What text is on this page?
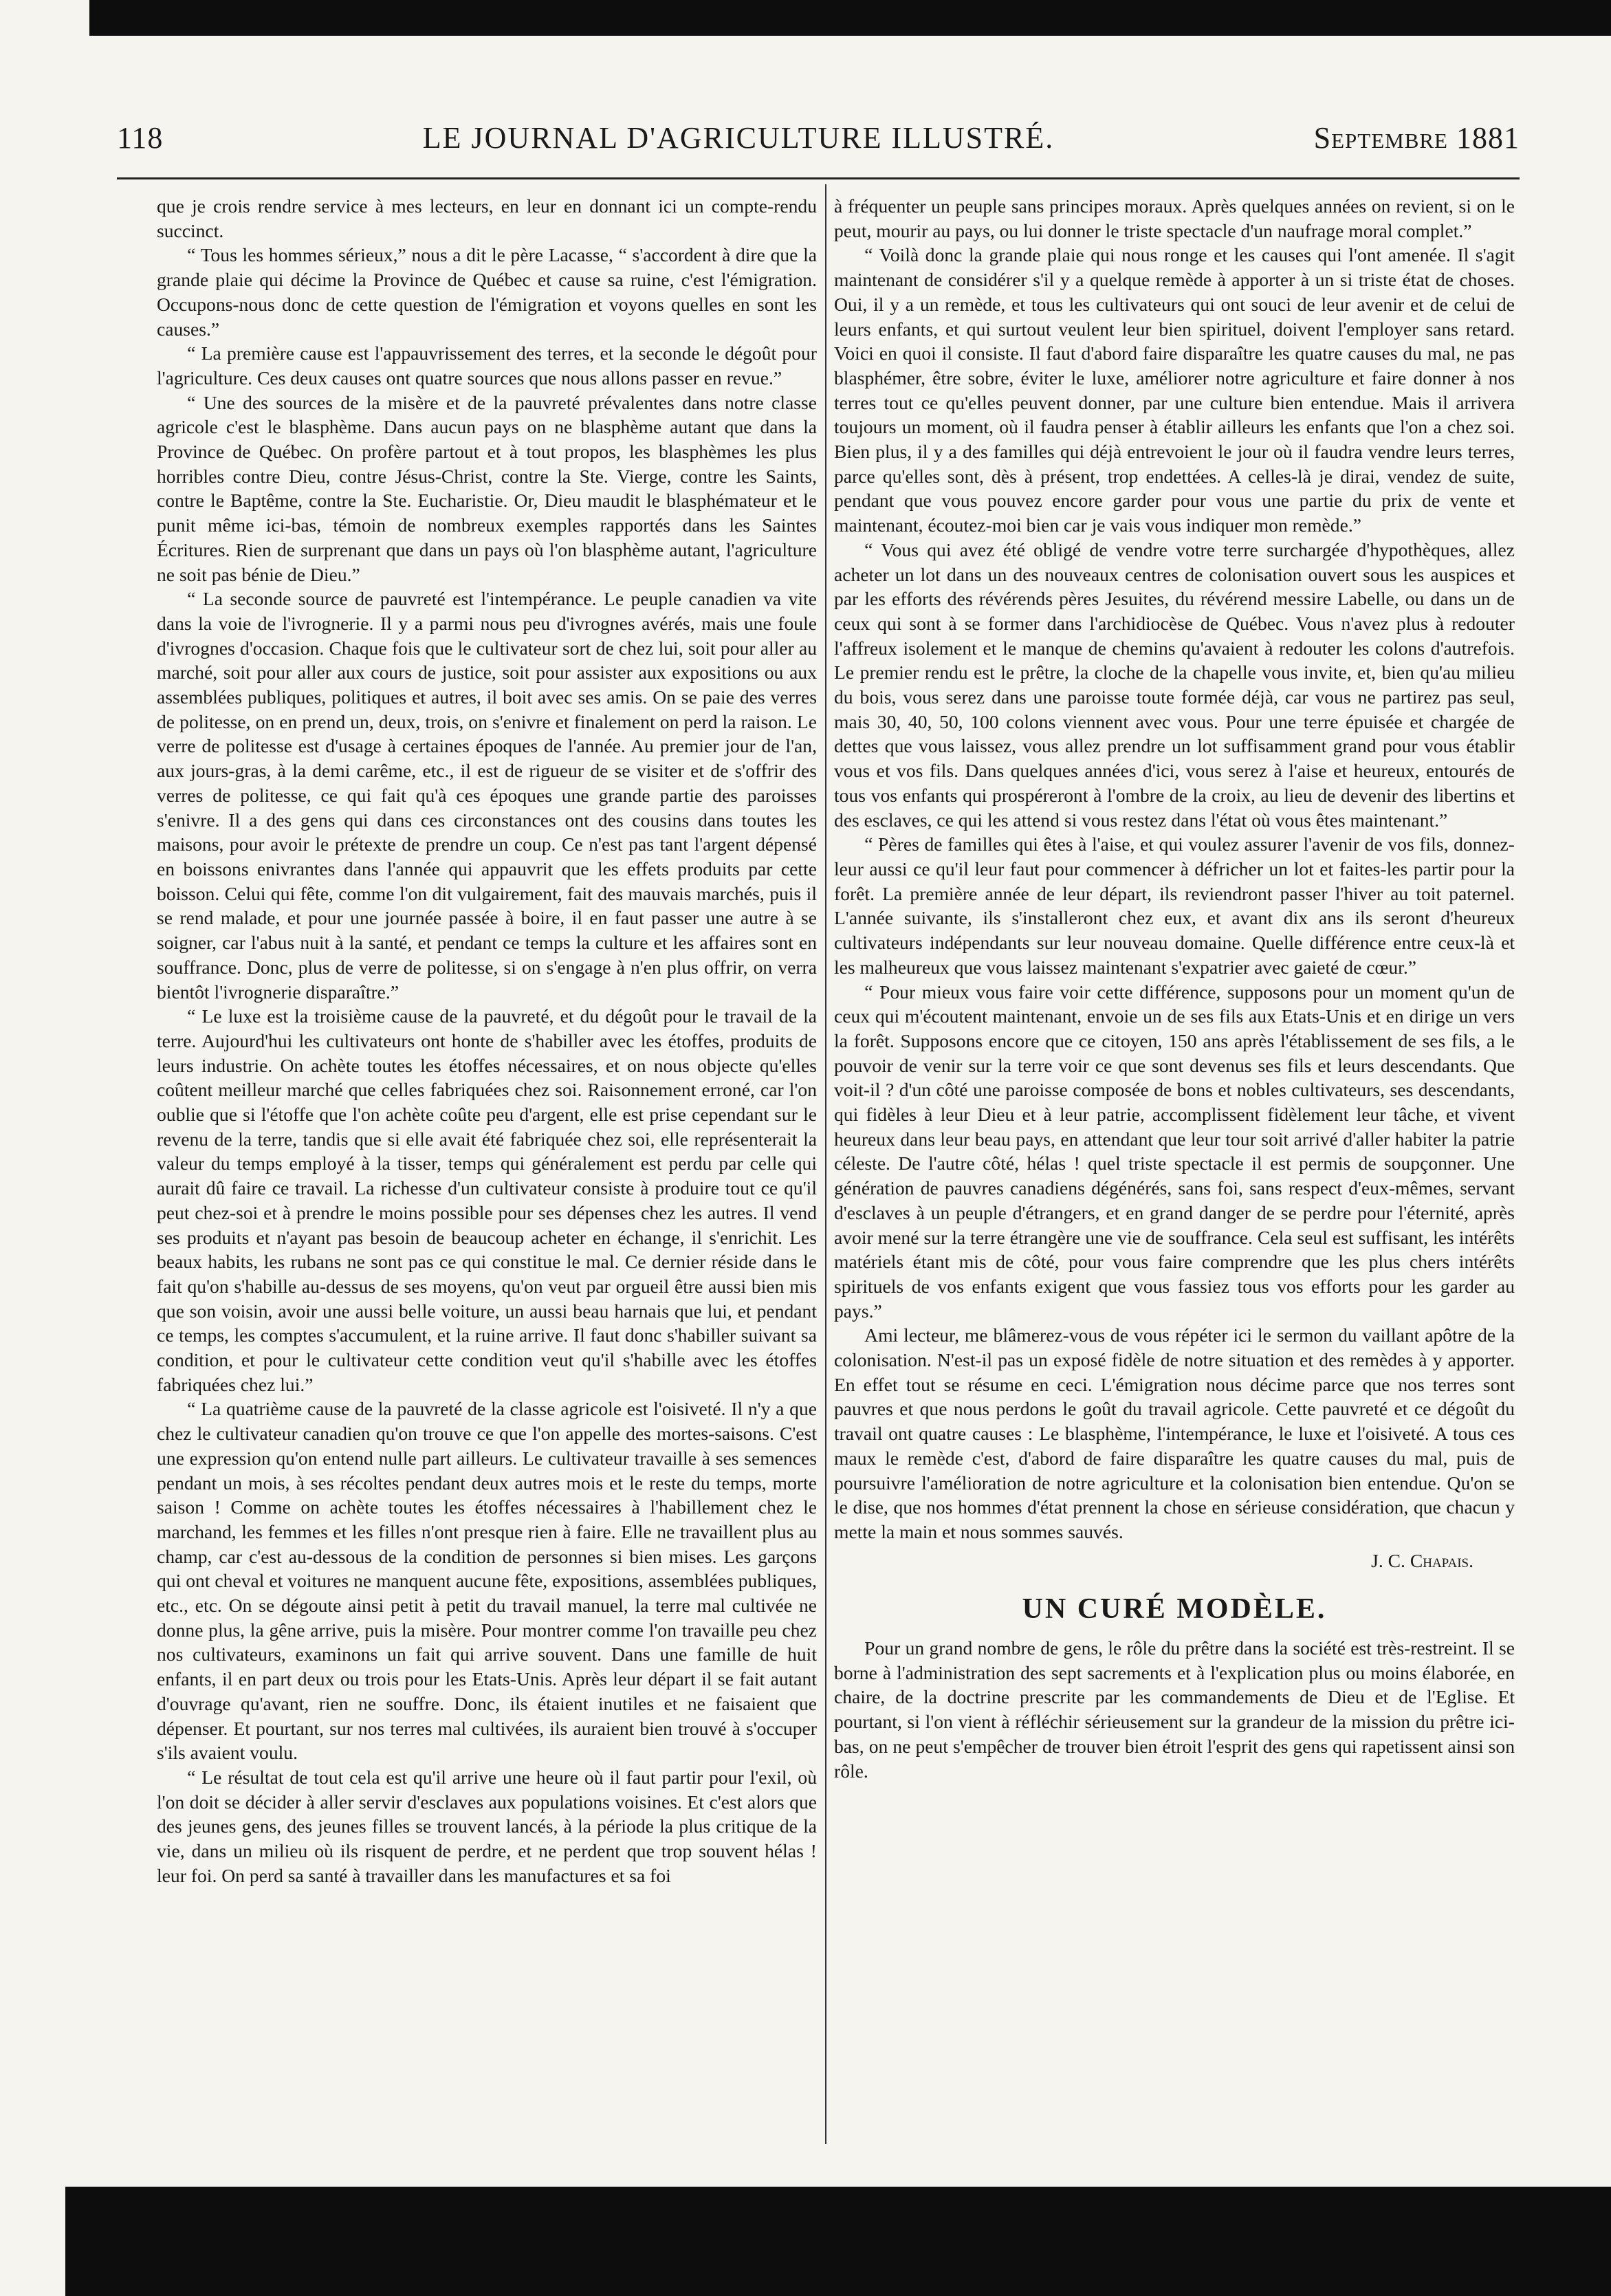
118	LE JOURNAL D'AGRICULTURE ILLUSTRÉ.	Septembre 1881

que je crois rendre service à mes lecteurs, en leur en donnant ici un compte-rendu succinct.

“ Tous les hommes sérieux,” nous a dit le père Lacasse, “ s'accordent à dire que la grande plaie qui décime la Province de Québec et cause sa ruine, c'est l'émigration. Occupons-nous donc de cette question de l'émigration et voyons quelles en sont les causes.”

“ La première cause est l'appauvrissement des terres, et la seconde le dégoût pour l'agriculture. Ces deux causes ont quatre sources que nous allons passer en revue.”

“ Une des sources de la misère et de la pauvreté prévalentes dans notre classe agricole c'est le blasphème. Dans aucun pays on ne blasphème autant que dans la Province de Québec. On profère partout et à tout propos, les blasphèmes les plus horribles contre Dieu, contre Jésus-Christ, contre la Ste. Vierge, contre les Saints, contre le Baptême, contre la Ste. Eucharistie. Or, Dieu maudit le blasphémateur et le punit même ici-bas, témoin de nombreux exemples rapportés dans les Saintes Écritures. Rien de surprenant que dans un pays où l'on blasphème autant, l'agriculture ne soit pas bénie de Dieu.”

“ La seconde source de pauvreté est l'intempérance. Le peuple canadien va vite dans la voie de l'ivrognerie. Il y a parmi nous peu d'ivrognes avérés, mais une foule d'ivrognes d'occasion. Chaque fois que le cultivateur sort de chez lui, soit pour aller au marché, soit pour aller aux cours de justice, soit pour assister aux expositions ou aux assemblées publiques, politiques et autres, il boit avec ses amis. On se paie des verres de politesse, on en prend un, deux, trois, on s'enivre et finalement on perd la raison. Le verre de politesse est d'usage à certaines époques de l'année. Au premier jour de l'an, aux jours-gras, à la demi carême, etc., il est de rigueur de se visiter et de s'offrir des verres de politesse, ce qui fait qu'à ces époques une grande partie des paroisses s'enivre. Il a des gens qui dans ces circonstances ont des cousins dans toutes les maisons, pour avoir le prétexte de prendre un coup. Ce n'est pas tant l'argent dépensé en boissons enivrantes dans l'année qui appauvrit que les effets produits par cette boisson. Celui qui fête, comme l'on dit vulgairement, fait des mauvais marchés, puis il se rend malade, et pour une journée passée à boire, il en faut passer une autre à se soigner, car l'abus nuit à la santé, et pendant ce temps la culture et les affaires sont en souffrance. Donc, plus de verre de politesse, si on s'engage à n'en plus offrir, on verra bientôt l'ivrognerie disparaître.”

“ Le luxe est la troisième cause de la pauvreté, et du dégoût pour le travail de la terre. Aujourd'hui les cultivateurs ont honte de s'habiller avec les étoffes, produits de leurs industrie. On achète toutes les étoffes nécessaires, et on nous objecte qu'elles coûtent meilleur marché que celles fabriquées chez soi. Raisonnement erroné, car l'on oublie que si l'étoffe que l'on achète coûte peu d'argent, elle est prise cependant sur le revenu de la terre, tandis que si elle avait été fabriquée chez soi, elle représenterait la valeur du temps employé à la tisser, temps qui généralement est perdu par celle qui aurait dû faire ce travail. La richesse d'un cultivateur consiste à produire tout ce qu'il peut chez-soi et à prendre le moins possible pour ses dépenses chez les autres. Il vend ses produits et n'ayant pas besoin de beaucoup acheter en échange, il s'enrichit. Les beaux habits, les rubans ne sont pas ce qui constitue le mal. Ce dernier réside dans le fait qu'on s'habille au-dessus de ses moyens, qu'on veut par orgueil être aussi bien mis que son voisin, avoir une aussi belle voiture, un aussi beau harnais que lui, et pendant ce temps, les comptes s'accumulent, et la ruine arrive. Il faut donc s'habiller suivant sa condition, et pour le cultivateur cette condition veut qu'il s'habille avec les étoffes fabriquées chez lui.”

“ La quatrième cause de la pauvreté de la classe agricole est l'oisiveté. Il n'y a que chez le cultivateur canadien qu'on trouve ce que l'on appelle des mortes-saisons. C'est une expression qu'on entend nulle part ailleurs. Le cultivateur travaille à ses semences pendant un mois, à ses récoltes pendant deux autres mois et le reste du temps, morte saison ! Comme on achète toutes les étoffes nécessaires à l'habillement chez le marchand, les femmes et les filles n'ont presque rien à faire. Elle ne travaillent plus au champ, car c'est au-dessous de la condition de personnes si bien mises. Les garçons qui ont cheval et voitures ne manquent aucune fête, expositions, assemblées publiques, etc., etc. On se dégoute ainsi petit à petit du travail manuel, la terre mal cultivée ne donne plus, la gêne arrive, puis la misère. Pour montrer comme l'on travaille peu chez nos cultivateurs, examinons un fait qui arrive souvent. Dans une famille de huit enfants, il en part deux ou trois pour les Etats-Unis. Après leur départ il se fait autant d'ouvrage qu'avant, rien ne souffre. Donc, ils étaient inutiles et ne faisaient que dépenser. Et pourtant, sur nos terres mal cultivées, ils auraient bien trouvé à s'occuper s'ils avaient voulu.

“ Le résultat de tout cela est qu'il arrive une heure où il faut partir pour l'exil, où l'on doit se décider à aller servir d'esclaves aux populations voisines. Et c'est alors que des jeunes gens, des jeunes filles se trouvent lancés, à la période la plus critique de la vie, dans un milieu où ils risquent de perdre, et ne perdent que trop souvent hélas ! leur foi. On perd sa santé à travailler dans les manufactures et sa foi

à fréquenter un peuple sans principes moraux. Après quelques années on revient, si on le peut, mourir au pays, ou lui donner le triste spectacle d'un naufrage moral complet.”

“ Voilà donc la grande plaie qui nous ronge et les causes qui l'ont amenée. Il s'agit maintenant de considérer s'il y a quelque remède à apporter à un si triste état de choses. Oui, il y a un remède, et tous les cultivateurs qui ont souci de leur avenir et de celui de leurs enfants, et qui surtout veulent leur bien spirituel, doivent l'employer sans retard. Voici en quoi il consiste. Il faut d'abord faire disparaître les quatre causes du mal, ne pas blasphémer, être sobre, éviter le luxe, améliorer notre agriculture et faire donner à nos terres tout ce qu'elles peuvent donner, par une culture bien entendue. Mais il arrivera toujours un moment, où il faudra penser à établir ailleurs les enfants que l'on a chez soi. Bien plus, il y a des familles qui déjà entrevoient le jour où il faudra vendre leurs terres, parce qu'elles sont, dès à présent, trop endettées. A celles-là je dirai, vendez de suite, pendant que vous pouvez encore garder pour vous une partie du prix de vente et maintenant, écoutez-moi bien car je vais vous indiquer mon remède.”

“ Vous qui avez été obligé de vendre votre terre surchargée d'hypothèques, allez acheter un lot dans un des nouveaux centres de colonisation ouvert sous les auspices et par les efforts des révérends pères Jesuites, du révérend messire Labelle, ou dans un de ceux qui sont à se former dans l'archidiocèse de Québec. Vous n'avez plus à redouter l'affreux isolement et le manque de chemins qu'avaient à redouter les colons d'autrefois. Le premier rendu est le prêtre, la cloche de la chapelle vous invite, et, bien qu'au milieu du bois, vous serez dans une paroisse toute formée déjà, car vous ne partirez pas seul, mais 30, 40, 50, 100 colons viennent avec vous. Pour une terre épuisée et chargée de dettes que vous laissez, vous allez prendre un lot suffisamment grand pour vous établir vous et vos fils. Dans quelques années d'ici, vous serez à l'aise et heureux, entourés de tous vos enfants qui prospéreront à l'ombre de la croix, au lieu de devenir des libertins et des esclaves, ce qui les attend si vous restez dans l'état où vous êtes maintenant.”

“ Pères de familles qui êtes à l'aise, et qui voulez assurer l'avenir de vos fils, donnez-leur aussi ce qu'il leur faut pour commencer à défricher un lot et faites-les partir pour la forêt. La première année de leur départ, ils reviendront passer l'hiver au toit paternel. L'année suivante, ils s'installeront chez eux, et avant dix ans ils seront d'heureux cultivateurs indépendants sur leur nouveau domaine. Quelle différence entre ceux-là et les malheureux que vous laissez maintenant s'expatrier avec gaieté de cœur.”

“ Pour mieux vous faire voir cette différence, supposons pour un moment qu'un de ceux qui m'écoutent maintenant, envoie un de ses fils aux Etats-Unis et en dirige un vers la forêt. Supposons encore que ce citoyen, 150 ans après l'établissement de ses fils, a le pouvoir de venir sur la terre voir ce que sont devenus ses fils et leurs descendants. Que voit-il ? d'un côté une paroisse composée de bons et nobles cultivateurs, ses descendants, qui fidèles à leur Dieu et à leur patrie, accomplissent fidèlement leur tâche, et vivent heureux dans leur beau pays, en attendant que leur tour soit arrivé d'aller habiter la patrie céleste. De l'autre côté, hélas ! quel triste spectacle il est permis de soupçonner. Une génération de pauvres canadiens dégénérés, sans foi, sans respect d'eux-mêmes, servant d'esclaves à un peuple d'étrangers, et en grand danger de se perdre pour l'éternité, après avoir mené sur la terre étrangère une vie de souffrance. Cela seul est suffisant, les intérêts matériels étant mis de côté, pour vous faire comprendre que les plus chers intérêts spirituels de vos enfants exigent que vous fassiez tous vos efforts pour les garder au pays.”

Ami lecteur, me blâmerez-vous de vous répéter ici le sermon du vaillant apôtre de la colonisation. N'est-il pas un exposé fidèle de notre situation et des remèdes à y apporter. En effet tout se résume en ceci. L'émigration nous décime parce que nos terres sont pauvres et que nous perdons le goût du travail agricole. Cette pauvreté et ce dégoût du travail ont quatre causes : Le blasphème, l'intempérance, le luxe et l'oisiveté. A tous ces maux le remède c'est, d'abord de faire disparaître les quatre causes du mal, puis de poursuivre l'amélioration de notre agriculture et la colonisation bien entendue. Qu'on se le dise, que nos hommes d'état prennent la chose en sérieuse considération, que chacun y mette la main et nous sommes sauvés.

J. C. Chapais.
UN CURÉ MODÈLE.

Pour un grand nombre de gens, le rôle du prêtre dans la société est très-restreint. Il se borne à l'administration des sept sacrements et à l'explication plus ou moins élaborée, en chaire, de la doctrine prescrite par les commandements de Dieu et de l'Eglise. Et pourtant, si l'on vient à réfléchir sérieusement sur la grandeur de la mission du prêtre ici-bas, on ne peut s'empêcher de trouver bien étroit l'esprit des gens qui rapetissent ainsi son rôle.
